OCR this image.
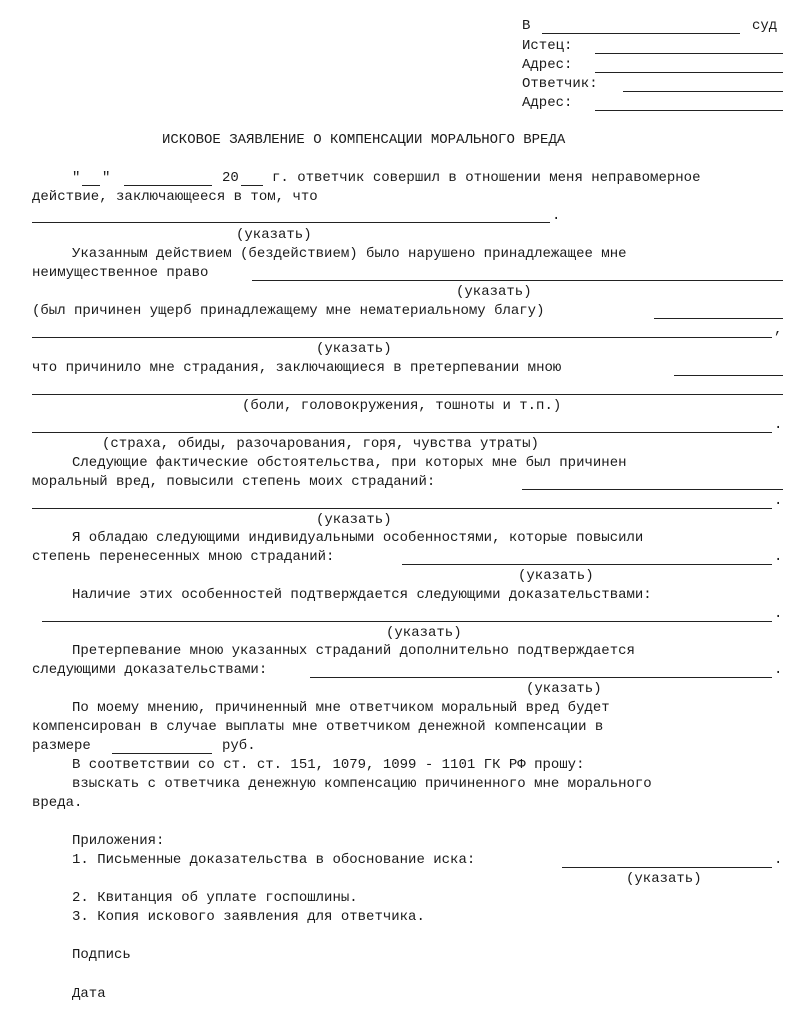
В	суд
Истец:
Адрес:
Ответчик:
Адрес:
ИСКОВОЕ ЗАЯВЛЕНИЕ О КОМПЕНСАЦИИ МОРАЛЬНОГО ВРЕДА
" "	20 г. ответчик совершил в отношении меня неправомерное
действие, заключающееся в том, что
.
(указать)
Указанным действием (бездействием) было нарушено принадлежащее мне
неимущественное право
(указать)
(был причинен ущерб принадлежащему мне нематериальному благу)
,
(указать)
что причинило мне страдания, заключающиеся в претерпевании мною
(боли, головокружения, тошноты и т.п.)
.
(страха, обиды, разочарования, горя, чувства утраты)
Следующие фактические обстоятельства, при которых мне был причинен
моральный вред, повысили степень моих страданий:
.
(указать)
Я обладаю следующими индивидуальными особенностями, которые повысили
степень перенесенных мною страданий:	.
(указать)
Наличие этих особенностей подтверждается следующими доказательствами:
.
(указать)
Претерпевание мною указанных страданий дополнительно подтверждается
следующими доказательствами:	.
(указать)
По моему мнению, причиненный мне ответчиком моральный вред будет
компенсирован в случае выплаты мне ответчиком денежной компенсации в
размере	руб.
В соответствии со ст. ст. 151, 1079, 1099 - 1101 ГК РФ прошу:
взыскать с ответчика денежную компенсацию причиненного мне морального
вреда.
Приложения:
1. Письменные доказательства в обоснование иска:	.
(указать)
2. Квитанция об уплате госпошлины.
3. Копия искового заявления для ответчика.
Подпись
Дата
